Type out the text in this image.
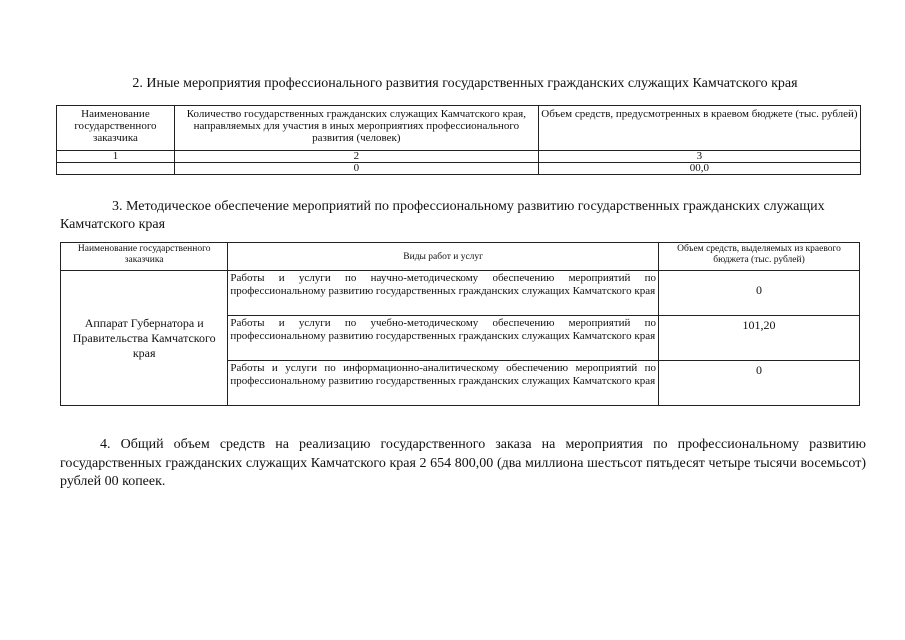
2. Иные мероприятия профессионального развития государственных гражданских служащих Камчатского края
Наименование государственного заказчика	Количество государственных гражданских служащих Камчатского края, направляемых для участия в иных мероприятиях профессионального развития (человек)	Объем средств, предусмотренных в краевом бюджете (тыс. рублей)
1	2	3
	0	00,0
3. Методическое обеспечение мероприятий по профессиональному развитию государственных гражданских служащих Камчатского края
Наименование государственного заказчика	Виды работ и услуг	Объем средств, выделяемых из краевого бюджета (тыс. рублей)
Аппарат Губернатора и Правительства Камчатского края	Работы и услуги по научно-методическому обеспечению мероприятий по профессиональному развитию государственных гражданских служащих Камчатского края	0
	Работы и услуги по учебно-методическому обеспечению мероприятий по профессиональному развитию государственных гражданских служащих Камчатского края	101,20
	Работы и услуги по информационно-аналитическому обеспечению мероприятий по профессиональному развитию государственных гражданских служащих Камчатского края	0
4. Общий объем средств на реализацию государственного заказа на мероприятия по профессиональному развитию государственных гражданских служащих Камчатского края 2 654 800,00 (два миллиона шестьсот пятьдесят четыре тысячи восемьсот) рублей 00 копеек.
